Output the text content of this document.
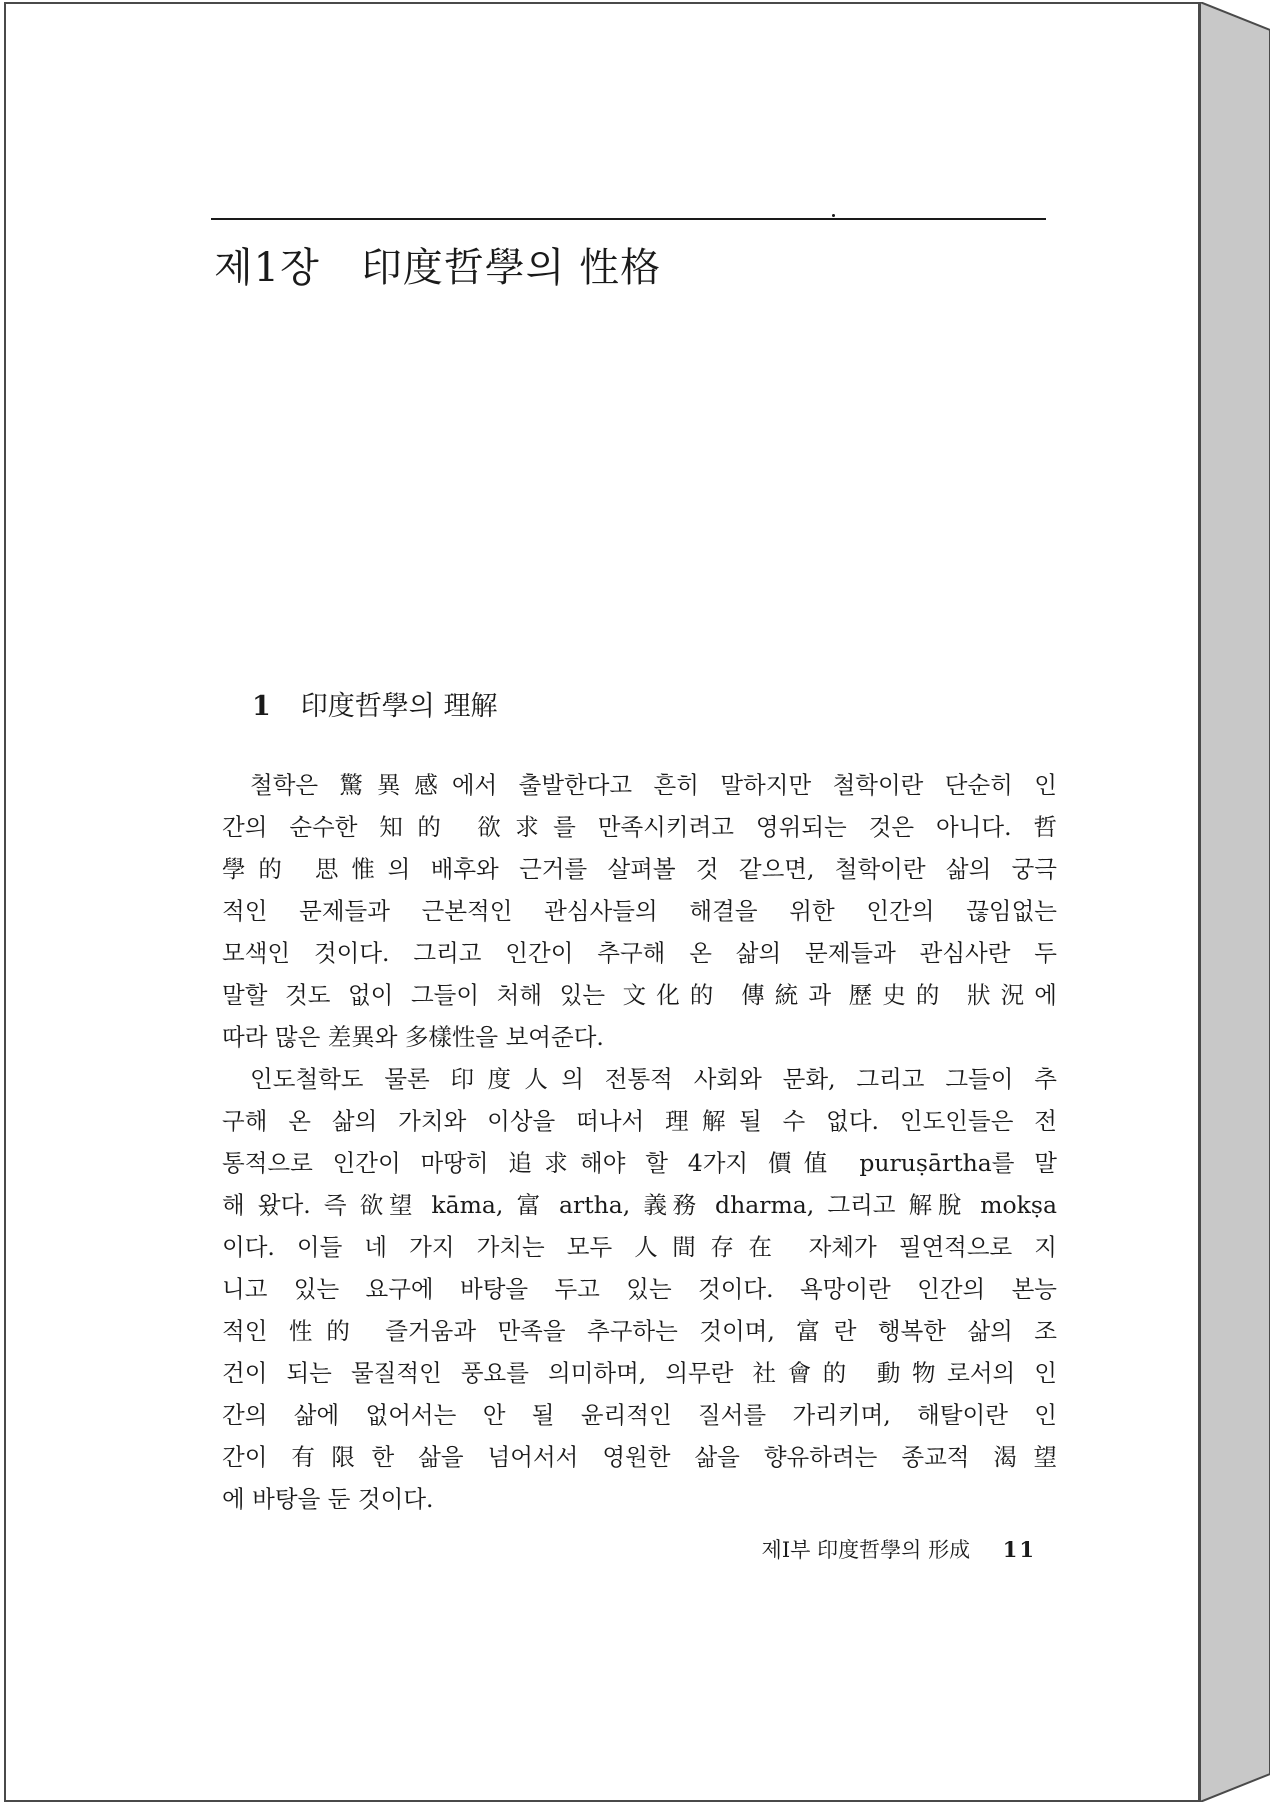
제1장 印度哲學의 性格
1 印度哲學의 理解
철학은 驚異感에서 출발한다고 흔히 말하지만 철학이란 단순히 인
간의 순수한 知的 欲求를 만족시키려고 영위되는 것은 아니다. 哲
學的 思惟의 배후와 근거를 살펴볼 것 같으면, 철학이란 삶의 궁극
적인 문제들과 근본적인 관심사들의 해결을 위한 인간의 끊임없는
모색인 것이다. 그리고 인간이 추구해 온 삶의 문제들과 관심사란 두
말할 것도 없이 그들이 처해 있는 文化的 傳統과 歷史的 狀況에
따라 많은 差異와 多樣性을 보여준다.
인도철학도 물론 印度人의 전통적 사회와 문화, 그리고 그들이 추
구해 온 삶의 가치와 이상을 떠나서 理解될 수 없다. 인도인들은 전
통적으로 인간이 마땅히 追求해야 할 4가지 價值 puruṣārtha를 말
해 왔다. 즉 欲望 kāma, 富 artha, 義務 dharma, 그리고 解脫 mokṣa
이다. 이들 네 가지 가치는 모두 人間存在 자체가 필연적으로 지
니고 있는 요구에 바탕을 두고 있는 것이다. 욕망이란 인간의 본능
적인 性的 즐거움과 만족을 추구하는 것이며, 富란 행복한 삶의 조
건이 되는 물질적인 풍요를 의미하며, 의무란 社會的 動物로서의 인
간의 삶에 없어서는 안 될 윤리적인 질서를 가리키며, 해탈이란 인
간이 有限한 삶을 넘어서서 영원한 삶을 향유하려는 종교적 渴望
에 바탕을 둔 것이다.
제Ⅰ부 印度哲學의 形成 11
